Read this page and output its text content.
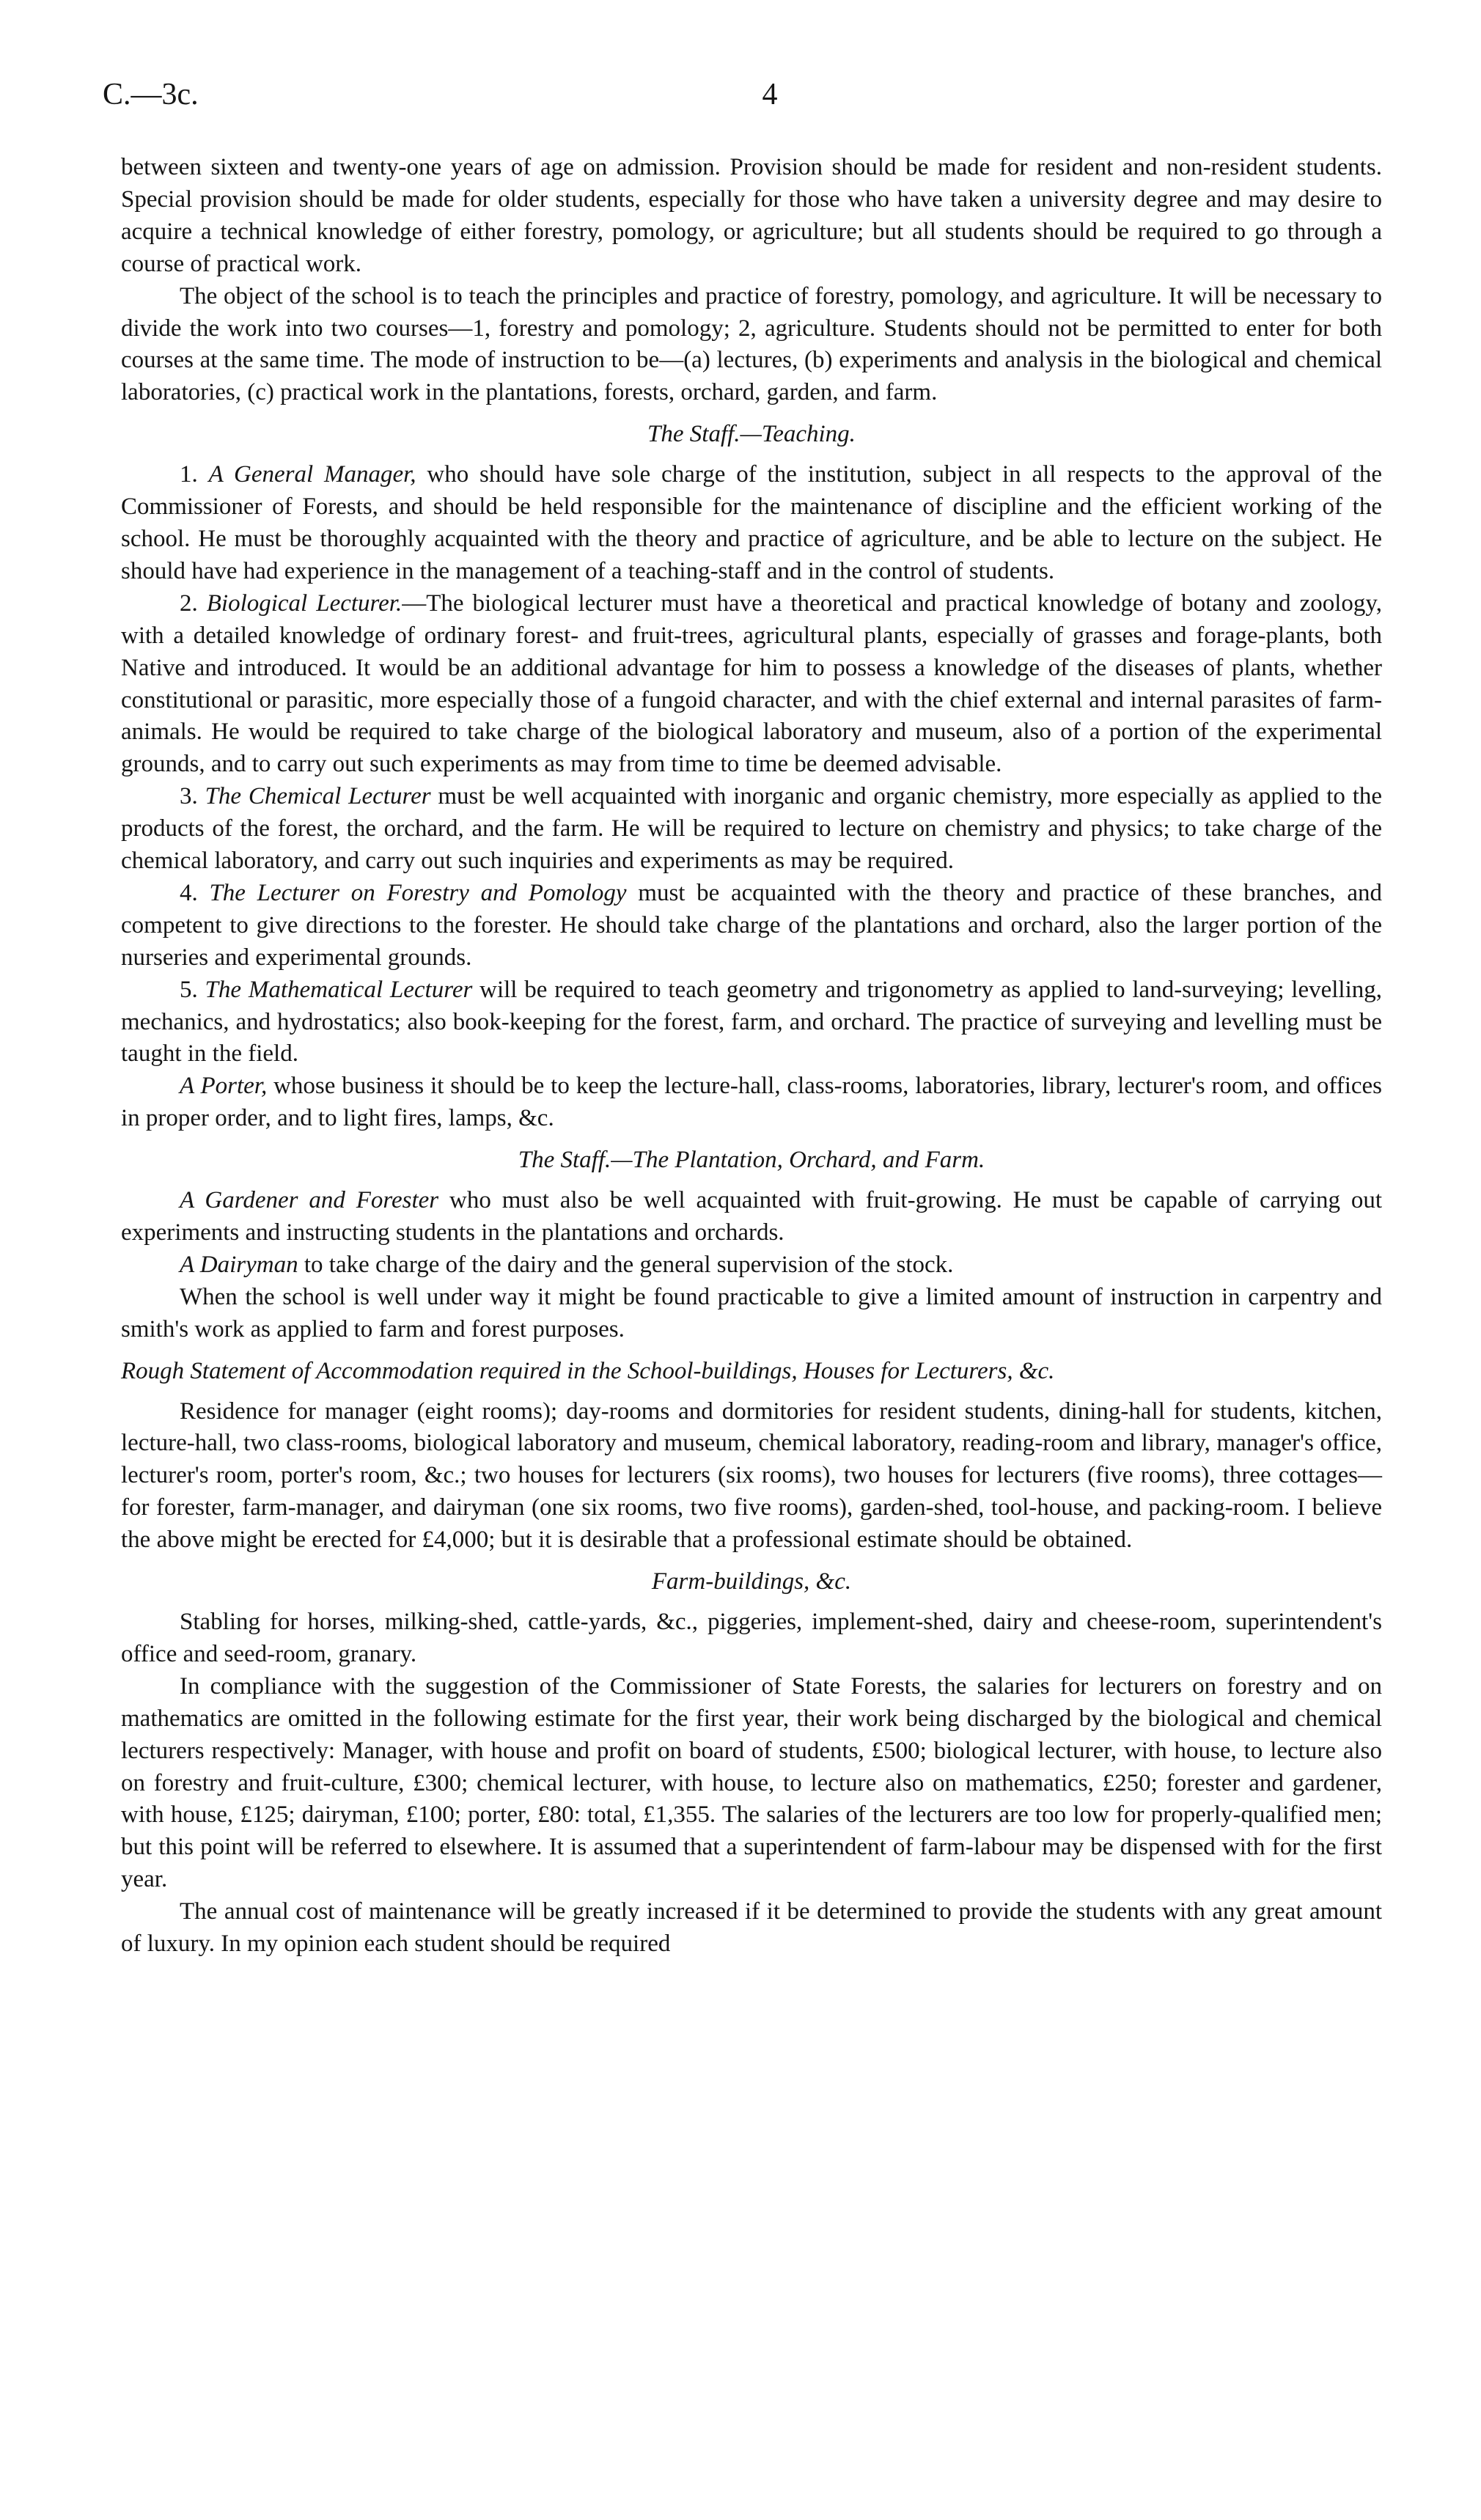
C.—3c.	4

between sixteen and twenty-one years of age on admission. Provision should be made for resident and non-resident students. Special provision should be made for older students, especially for those who have taken a university degree and may desire to acquire a technical knowledge of either forestry, pomology, or agriculture; but all students should be required to go through a course of practical work.

The object of the school is to teach the principles and practice of forestry, pomology, and agriculture. It will be necessary to divide the work into two courses—1, forestry and pomology; 2, agriculture. Students should not be permitted to enter for both courses at the same time. The mode of instruction to be—(a) lectures, (b) experiments and analysis in the biological and chemical laboratories, (c) practical work in the plantations, forests, orchard, garden, and farm.

The Staff.—Teaching.

1. A General Manager, who should have sole charge of the institution, subject in all respects to the approval of the Commissioner of Forests, and should be held responsible for the maintenance of discipline and the efficient working of the school. He must be thoroughly acquainted with the theory and practice of agriculture, and be able to lecture on the subject. He should have had experience in the management of a teaching-staff and in the control of students.

2. Biological Lecturer.—The biological lecturer must have a theoretical and practical knowledge of botany and zoology, with a detailed knowledge of ordinary forest- and fruit-trees, agricultural plants, especially of grasses and forage-plants, both Native and introduced. It would be an additional advantage for him to possess a knowledge of the diseases of plants, whether constitutional or parasitic, more especially those of a fungoid character, and with the chief external and internal parasites of farm-animals. He would be required to take charge of the biological laboratory and museum, also of a portion of the experimental grounds, and to carry out such experiments as may from time to time be deemed advisable.

3. The Chemical Lecturer must be well acquainted with inorganic and organic chemistry, more especially as applied to the products of the forest, the orchard, and the farm. He will be required to lecture on chemistry and physics; to take charge of the chemical laboratory, and carry out such inquiries and experiments as may be required.

4. The Lecturer on Forestry and Pomology must be acquainted with the theory and practice of these branches, and competent to give directions to the forester. He should take charge of the plantations and orchard, also the larger portion of the nurseries and experimental grounds.

5. The Mathematical Lecturer will be required to teach geometry and trigonometry as applied to land-surveying; levelling, mechanics, and hydrostatics; also book-keeping for the forest, farm, and orchard. The practice of surveying and levelling must be taught in the field.

A Porter, whose business it should be to keep the lecture-hall, class-rooms, laboratories, library, lecturer's room, and offices in proper order, and to light fires, lamps, &c.

The Staff.—The Plantation, Orchard, and Farm.

A Gardener and Forester who must also be well acquainted with fruit-growing. He must be capable of carrying out experiments and instructing students in the plantations and orchards.

A Dairyman to take charge of the dairy and the general supervision of the stock.

When the school is well under way it might be found practicable to give a limited amount of instruction in carpentry and smith's work as applied to farm and forest purposes.

Rough Statement of Accommodation required in the School-buildings, Houses for Lecturers, &c.

Residence for manager (eight rooms); day-rooms and dormitories for resident students, dining-hall for students, kitchen, lecture-hall, two class-rooms, biological laboratory and museum, chemical laboratory, reading-room and library, manager's office, lecturer's room, porter's room, &c.; two houses for lecturers (six rooms), two houses for lecturers (five rooms), three cottages—for forester, farm-manager, and dairyman (one six rooms, two five rooms), garden-shed, tool-house, and packing-room. I believe the above might be erected for £4,000; but it is desirable that a professional estimate should be obtained.

Farm-buildings, &c.

Stabling for horses, milking-shed, cattle-yards, &c., piggeries, implement-shed, dairy and cheese-room, superintendent's office and seed-room, granary.

In compliance with the suggestion of the Commissioner of State Forests, the salaries for lecturers on forestry and on mathematics are omitted in the following estimate for the first year, their work being discharged by the biological and chemical lecturers respectively: Manager, with house and profit on board of students, £500; biological lecturer, with house, to lecture also on forestry and fruit-culture, £300; chemical lecturer, with house, to lecture also on mathematics, £250; forester and gardener, with house, £125; dairyman, £100; porter, £80: total, £1,355. The salaries of the lecturers are too low for properly-qualified men; but this point will be referred to elsewhere. It is assumed that a superintendent of farm-labour may be dispensed with for the first year.

The annual cost of maintenance will be greatly increased if it be determined to provide the students with any great amount of luxury. In my opinion each student should be required
